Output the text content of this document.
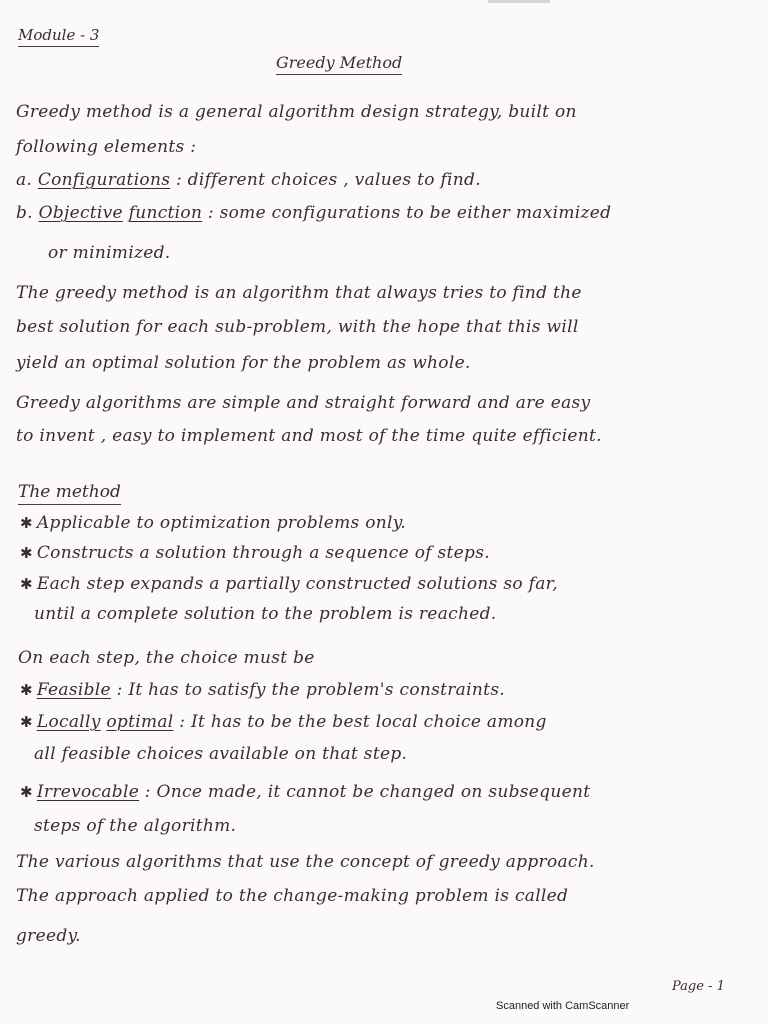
Module - 3
Greedy Method
Greedy method is a general algorithm design strategy, built on
following elements :
a. Configurations : different choices , values to find.
b. Objective function : some configurations to be either maximized
or minimized.
The greedy method is an algorithm that always tries to find the
best solution for each sub-problem, with the hope that this will
yield an optimal solution for the problem as whole.
Greedy algorithms are simple and straight forward and are easy
to invent , easy to implement and most of the time quite efficient.
The method
✱ Applicable to optimization problems only.
✱ Constructs a solution through a sequence of steps.
✱ Each step expands a partially constructed solutions so far,
until a complete solution to the problem is reached.
On each step, the choice must be
✱ Feasible : It has to satisfy the problem's constraints.
✱ Locally optimal : It has to be the best local choice among
all feasible choices available on that step.
✱ Irrevocable : Once made, it cannot be changed on subsequent
steps of the algorithm.
The various algorithms that use the concept of greedy approach.
The approach applied to the change-making problem is called
greedy.
Page - 1
Scanned with CamScanner
